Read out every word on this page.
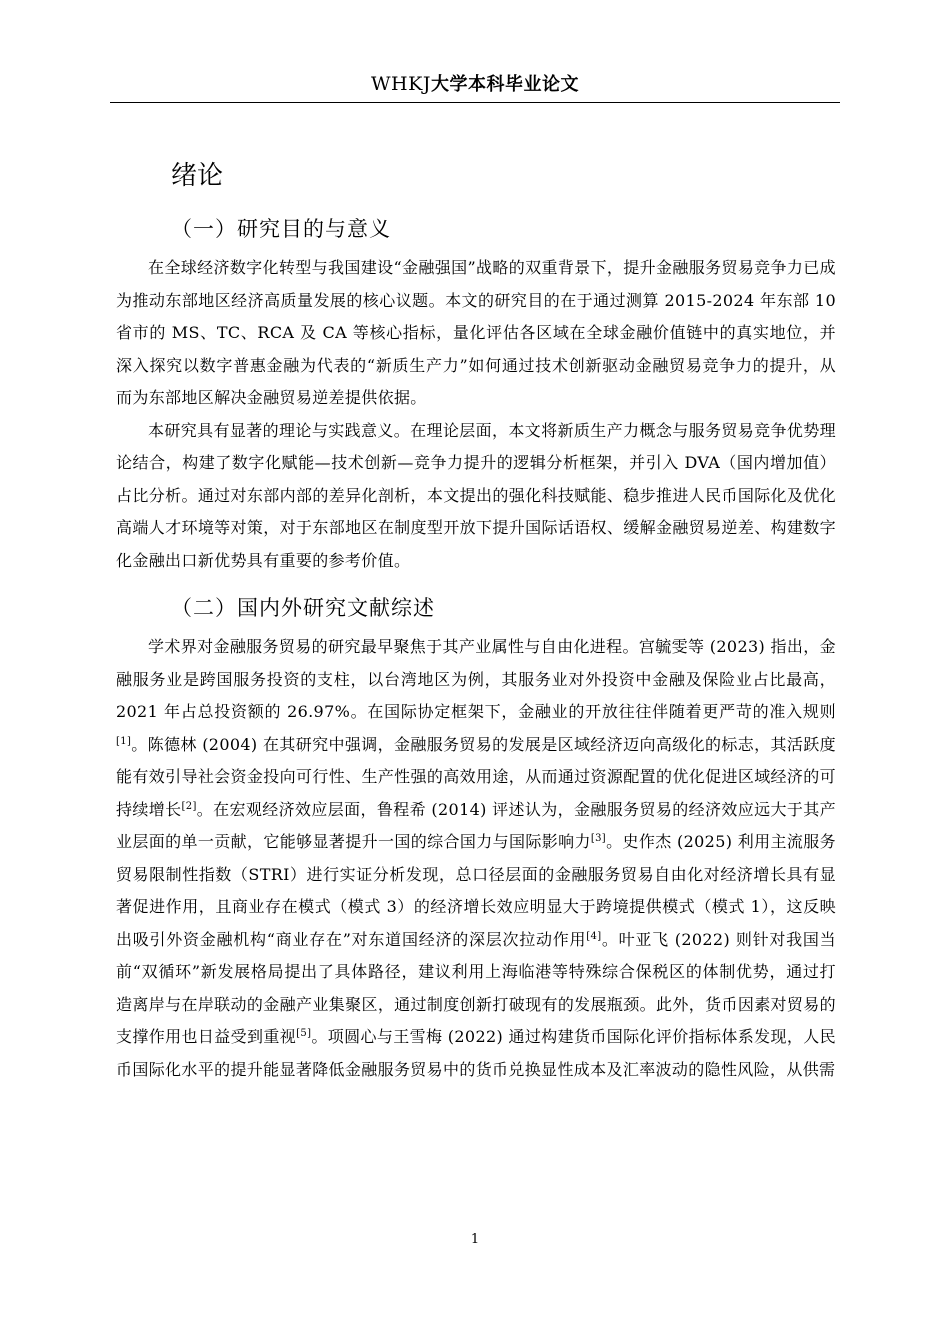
WHKJ大学本科毕业论文
绪论
（一）研究目的与意义

在全球经济数字化转型与我国建设“金融强国”战略的双重背景下，提升金融服务贸易竞争力已成为推动东部地区经济高质量发展的核心议题。本文的研究目的在于通过测算 2015-2024 年东部 10 省市的 MS、TC、RCA 及 CA 等核心指标，量化评估各区域在全球金融价值链中的真实地位，并深入探究以数字普惠金融为代表的“新质生产力”如何通过技术创新驱动金融贸易竞争力的提升，从而为东部地区解决金融贸易逆差提供依据。

本研究具有显著的理论与实践意义。在理论层面，本文将新质生产力概念与服务贸易竞争优势理论结合，构建了数字化赋能—技术创新—竞争力提升的逻辑分析框架，并引入 DVA（国内增加值）占比分析。通过对东部内部的差异化剖析，本文提出的强化科技赋能、稳步推进人民币国际化及优化高端人才环境等对策，对于东部地区在制度型开放下提升国际话语权、缓解金融贸易逆差、构建数字化金融出口新优势具有重要的参考价值。

（二）国内外研究文献综述

学术界对金融服务贸易的研究最早聚焦于其产业属性与自由化进程。宫毓雯等 (2023) 指出，金融服务业是跨国服务投资的支柱，以台湾地区为例，其服务业对外投资中金融及保险业占比最高，2021 年占总投资额的 26.97%。在国际协定框架下，金融业的开放往往伴随着更严苛的准入规则[1]。陈德林 (2004) 在其研究中强调，金融服务贸易的发展是区域经济迈向高级化的标志，其活跃度能有效引导社会资金投向可行性、生产性强的高效用途，从而通过资源配置的优化促进区域经济的可持续增长[2]。在宏观经济效应层面，鲁程希 (2014) 评述认为，金融服务贸易的经济效应远大于其产业层面的单一贡献，它能够显著提升一国的综合国力与国际影响力[3]。史作杰 (2025) 利用主流服务贸易限制性指数（STRI）进行实证分析发现，总口径层面的金融服务贸易自由化对经济增长具有显著促进作用，且商业存在模式（模式 3）的经济增长效应明显大于跨境提供模式（模式 1），这反映出吸引外资金融机构“商业存在”对东道国经济的深层次拉动作用[4]。叶亚飞 (2022) 则针对我国当前“双循环”新发展格局提出了具体路径，建议利用上海临港等特殊综合保税区的体制优势，通过打造离岸与在岸联动的金融产业集聚区，通过制度创新打破现有的发展瓶颈。此外，货币因素对贸易的支撑作用也日益受到重视[5]。项圆心与王雪梅 (2022) 通过构建货币国际化评价指标体系发现，人民币国际化水平的提升能显著降低金融服务贸易中的货币兑换显性成本及汇率波动的隐性风险，从供需

1
